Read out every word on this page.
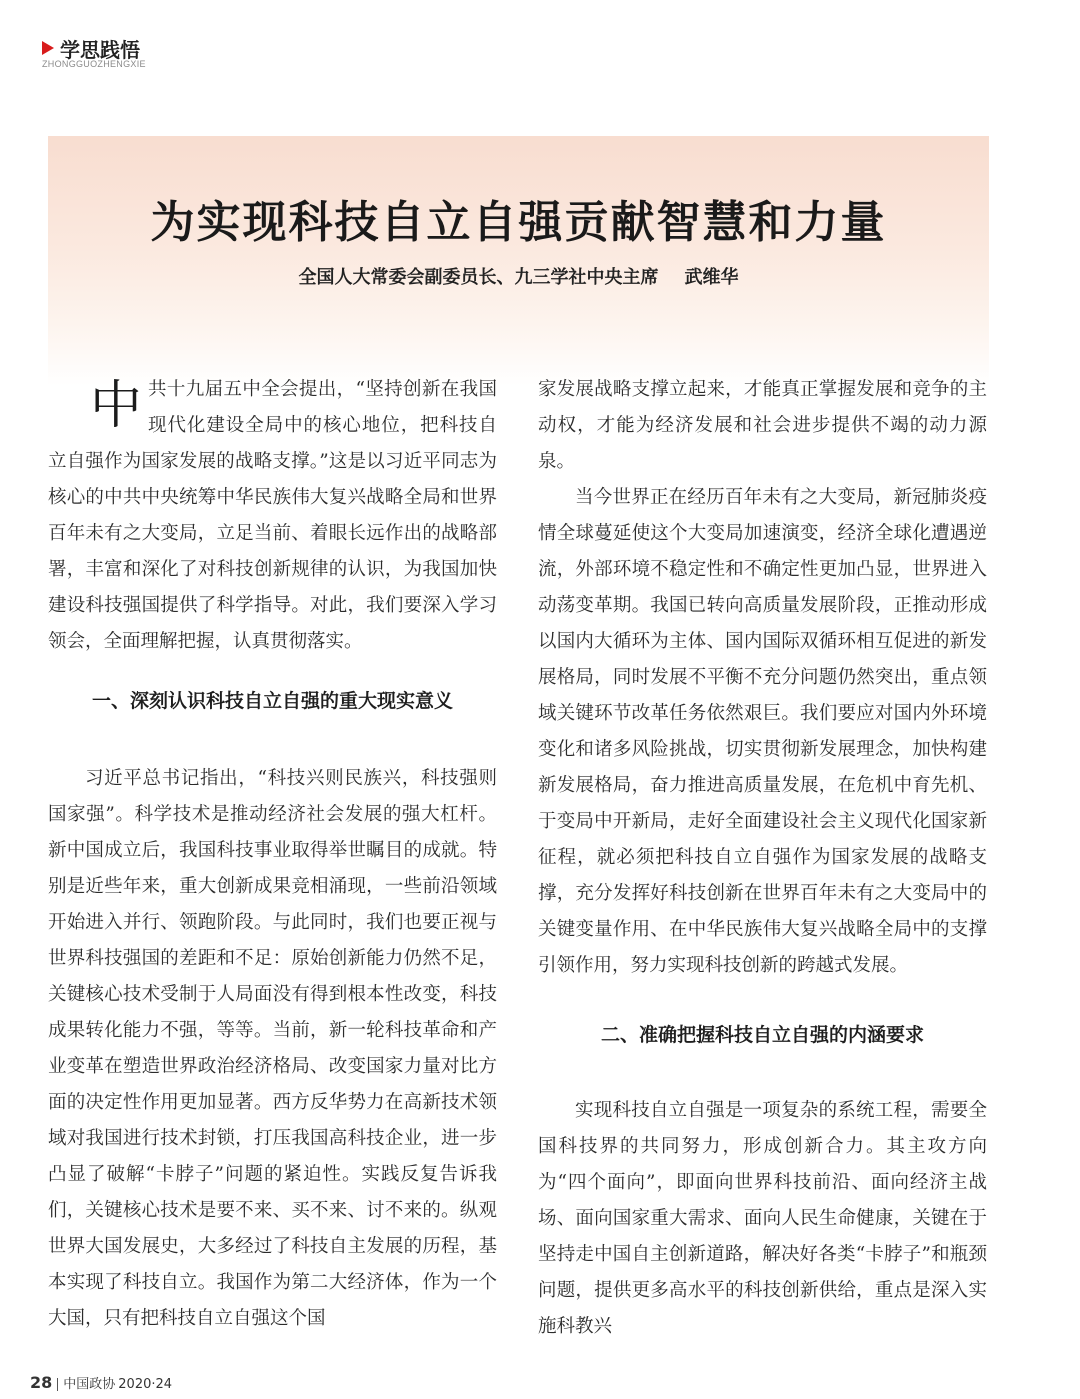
学思践悟
ZHONGGUOZHENGXIE
为实现科技自立自强贡献智慧和力量
全国人大常委会副委员长、九三学社中央主席 武维华

中共十九届五中全会提出，“坚持创新在我国现代化建设全局中的核心地位，把科技自立自强作为国家发展的战略支撑。”这是以习近平同志为核心的中共中央统筹中华民族伟大复兴战略全局和世界百年未有之大变局，立足当前、着眼长远作出的战略部署，丰富和深化了对科技创新规律的认识，为我国加快建设科技强国提供了科学指导。对此，我们要深入学习领会，全面理解把握，认真贯彻落实。

一、深刻认识科技自立自强的重大现实意义

习近平总书记指出，“科技兴则民族兴，科技强则国家强”。科学技术是推动经济社会发展的强大杠杆。新中国成立后，我国科技事业取得举世瞩目的成就。特别是近些年来，重大创新成果竞相涌现，一些前沿领域开始进入并行、领跑阶段。与此同时，我们也要正视与世界科技强国的差距和不足：原始创新能力仍然不足，关键核心技术受制于人局面没有得到根本性改变，科技成果转化能力不强，等等。当前，新一轮科技革命和产业变革在塑造世界政治经济格局、改变国家力量对比方面的决定性作用更加显著。西方反华势力在高新技术领域对我国进行技术封锁，打压我国高科技企业，进一步凸显了破解“卡脖子”问题的紧迫性。实践反复告诉我们，关键核心技术是要不来、买不来、讨不来的。纵观世界大国发展史，大多经过了科技自主发展的历程，基本实现了科技自立。我国作为第二大经济体，作为一个大国，只有把科技自立自强这个国

家发展战略支撑立起来，才能真正掌握发展和竞争的主动权，才能为经济发展和社会进步提供不竭的动力源泉。

当今世界正在经历百年未有之大变局，新冠肺炎疫情全球蔓延使这个大变局加速演变，经济全球化遭遇逆流，外部环境不稳定性和不确定性更加凸显，世界进入动荡变革期。我国已转向高质量发展阶段，正推动形成以国内大循环为主体、国内国际双循环相互促进的新发展格局，同时发展不平衡不充分问题仍然突出，重点领域关键环节改革任务依然艰巨。我们要应对国内外环境变化和诸多风险挑战，切实贯彻新发展理念，加快构建新发展格局，奋力推进高质量发展，在危机中育先机、于变局中开新局，走好全面建设社会主义现代化国家新征程，就必须把科技自立自强作为国家发展的战略支撑，充分发挥好科技创新在世界百年未有之大变局中的关键变量作用、在中华民族伟大复兴战略全局中的支撑引领作用，努力实现科技创新的跨越式发展。

二、准确把握科技自立自强的内涵要求

实现科技自立自强是一项复杂的系统工程，需要全国科技界的共同努力，形成创新合力。其主攻方向为“四个面向”，即面向世界科技前沿、面向经济主战场、面向国家重大需求、面向人民生命健康，关键在于坚持走中国自主创新道路，解决好各类“卡脖子”和瓶颈问题，提供更多高水平的科技创新供给，重点是深入实施科教兴

28 中国政协 2020·24
